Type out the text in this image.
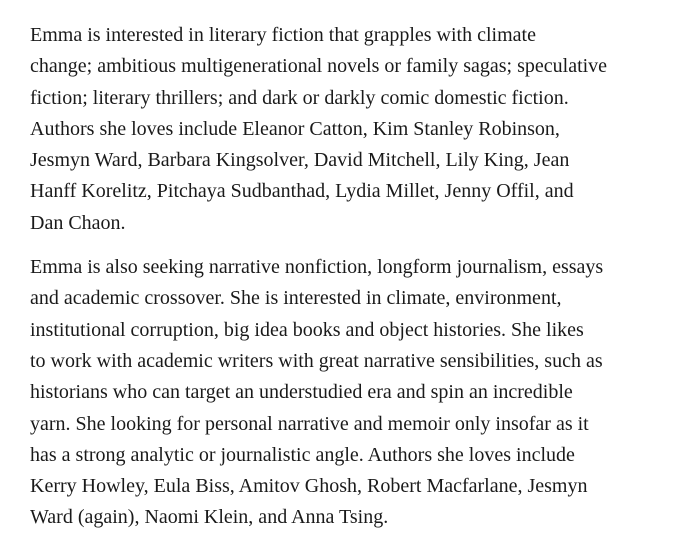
Emma is interested in literary fiction that grapples with climate
change; ambitious multigenerational novels or family sagas; speculative
fiction; literary thrillers; and dark or darkly comic domestic fiction.
Authors she loves include Eleanor Catton, Kim Stanley Robinson,
Jesmyn Ward, Barbara Kingsolver, David Mitchell, Lily King, Jean
Hanff Korelitz, Pitchaya Sudbanthad, Lydia Millet, Jenny Offil, and
Dan Chaon.

Emma is also seeking narrative nonfiction, longform journalism, essays
and academic crossover. She is interested in climate, environment,
institutional corruption, big idea books and object histories. She likes
to work with academic writers with great narrative sensibilities, such as
historians who can target an understudied era and spin an incredible
yarn. She looking for personal narrative and memoir only insofar as it
has a strong analytic or journalistic angle. Authors she loves include
Kerry Howley, Eula Biss, Amitov Ghosh, Robert Macfarlane, Jesmyn
Ward (again), Naomi Klein, and Anna Tsing.
